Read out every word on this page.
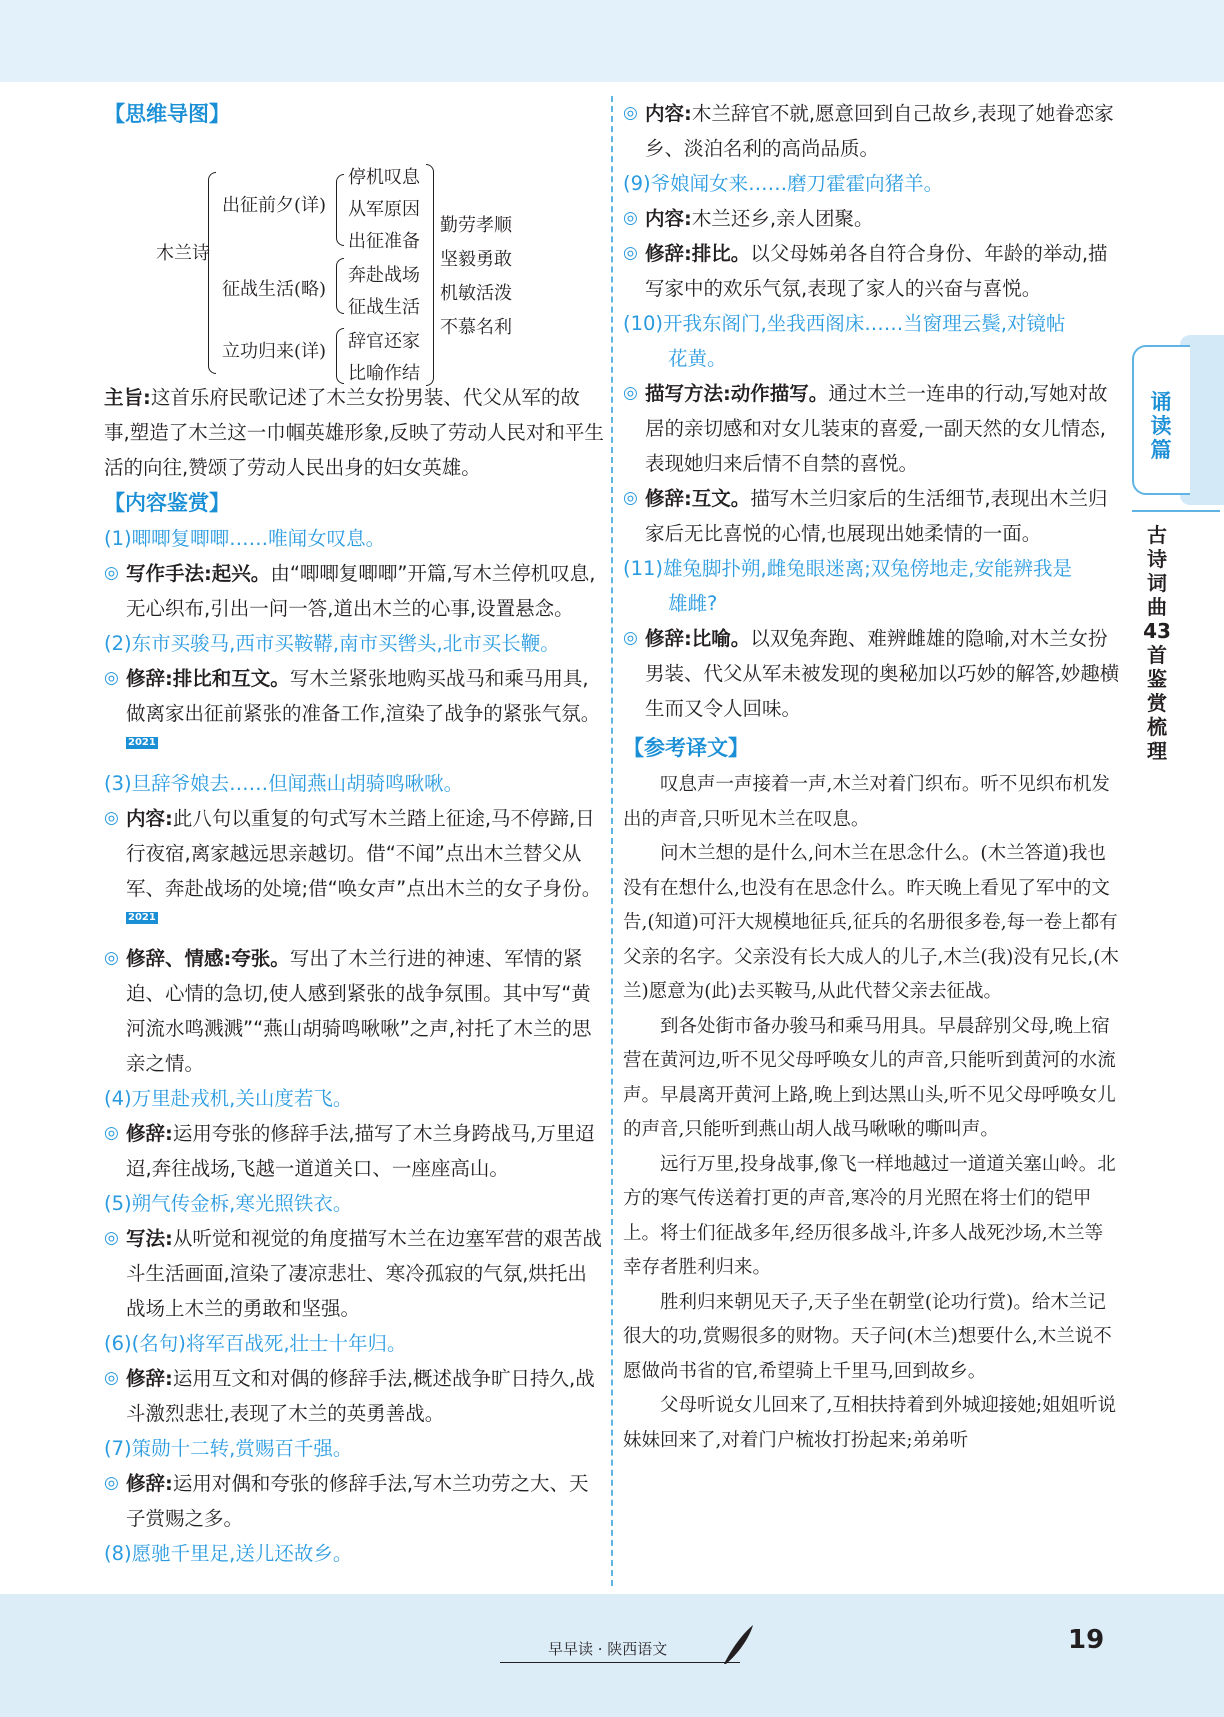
【思维导图】
木兰诗
出征前夕(详)
征战生活(略)
立功归来(详)
停机叹息
从军原因
出征准备
奔赴战场
征战生活
辞官还家
比喻作结
勤劳孝顺
坚毅勇敢
机敏活泼
不慕名利
主旨:这首乐府民歌记述了木兰女扮男装、代父从军的故事,塑造了木兰这一巾帼英雄形象,反映了劳动人民对和平生活的向往,赞颂了劳动人民出身的妇女英雄。
【内容鉴赏】
(1)唧唧复唧唧……唯闻女叹息。
◎ 写作手法:起兴。由“唧唧复唧唧”开篇,写木兰停机叹息,无心织布,引出一问一答,道出木兰的心事,设置悬念。
(2)东市买骏马,西市买鞍鞯,南市买辔头,北市买长鞭。
◎ 修辞:排比和互文。写木兰紧张地购买战马和乘马用具,做离家出征前紧张的准备工作,渲染了战争的紧张气氛。2021
(3)旦辞爷娘去……但闻燕山胡骑鸣啾啾。
◎ 内容:此八句以重复的句式写木兰踏上征途,马不停蹄,日行夜宿,离家越远思亲越切。借“不闻”点出木兰替父从军、奔赴战场的处境;借“唤女声”点出木兰的女子身份。2021
◎ 修辞、情感:夸张。写出了木兰行进的神速、军情的紧迫、心情的急切,使人感到紧张的战争氛围。其中写“黄河流水鸣溅溅”“燕山胡骑鸣啾啾”之声,衬托了木兰的思亲之情。
(4)万里赴戎机,关山度若飞。
◎ 修辞:运用夸张的修辞手法,描写了木兰身跨战马,万里迢迢,奔往战场,飞越一道道关口、一座座高山。
(5)朔气传金柝,寒光照铁衣。
◎ 写法:从听觉和视觉的角度描写木兰在边塞军营的艰苦战斗生活画面,渲染了凄凉悲壮、寒冷孤寂的气氛,烘托出战场上木兰的勇敢和坚强。
(6)(名句)将军百战死,壮士十年归。
◎ 修辞:运用互文和对偶的修辞手法,概述战争旷日持久,战斗激烈悲壮,表现了木兰的英勇善战。
(7)策勋十二转,赏赐百千强。
◎ 修辞:运用对偶和夸张的修辞手法,写木兰功劳之大、天子赏赐之多。
(8)愿驰千里足,送儿还故乡。
◎ 内容:木兰辞官不就,愿意回到自己故乡,表现了她眷恋家乡、淡泊名利的高尚品质。
(9)爷娘闻女来……磨刀霍霍向猪羊。
◎ 内容:木兰还乡,亲人团聚。
◎ 修辞:排比。以父母姊弟各自符合身份、年龄的举动,描写家中的欢乐气氛,表现了家人的兴奋与喜悦。
(10)开我东阁门,坐我西阁床……当窗理云鬓,对镜帖
花黄。
◎ 描写方法:动作描写。通过木兰一连串的行动,写她对故居的亲切感和对女儿装束的喜爱,一副天然的女儿情态,表现她归来后情不自禁的喜悦。
◎ 修辞:互文。描写木兰归家后的生活细节,表现出木兰归家后无比喜悦的心情,也展现出她柔情的一面。
(11)雄兔脚扑朔,雌兔眼迷离;双兔傍地走,安能辨我是
雄雌?
◎ 修辞:比喻。以双兔奔跑、难辨雌雄的隐喻,对木兰女扮男装、代父从军未被发现的奥秘加以巧妙的解答,妙趣横生而又令人回味。
【参考译文】
叹息声一声接着一声,木兰对着门织布。听不见织布机发出的声音,只听见木兰在叹息。
问木兰想的是什么,问木兰在思念什么。(木兰答道)我也没有在想什么,也没有在思念什么。昨天晚上看见了军中的文告,(知道)可汗大规模地征兵,征兵的名册很多卷,每一卷上都有父亲的名字。父亲没有长大成人的儿子,木兰(我)没有兄长,(木兰)愿意为(此)去买鞍马,从此代替父亲去征战。
到各处街市备办骏马和乘马用具。早晨辞别父母,晚上宿营在黄河边,听不见父母呼唤女儿的声音,只能听到黄河的水流声。早晨离开黄河上路,晚上到达黑山头,听不见父母呼唤女儿的声音,只能听到燕山胡人战马啾啾的嘶叫声。
远行万里,投身战事,像飞一样地越过一道道关塞山岭。北方的寒气传送着打更的声音,寒冷的月光照在将士们的铠甲上。将士们征战多年,经历很多战斗,许多人战死沙场,木兰等幸存者胜利归来。
胜利归来朝见天子,天子坐在朝堂(论功行赏)。给木兰记很大的功,赏赐很多的财物。天子问(木兰)想要什么,木兰说不愿做尚书省的官,希望骑上千里马,回到故乡。
父母听说女儿回来了,互相扶持着到外城迎接她;姐姐听说妹妹回来了,对着门户梳妆打扮起来;弟弟听
诵读篇
古诗词曲43首鉴赏梳理
早早读 · 陕西语文	19
